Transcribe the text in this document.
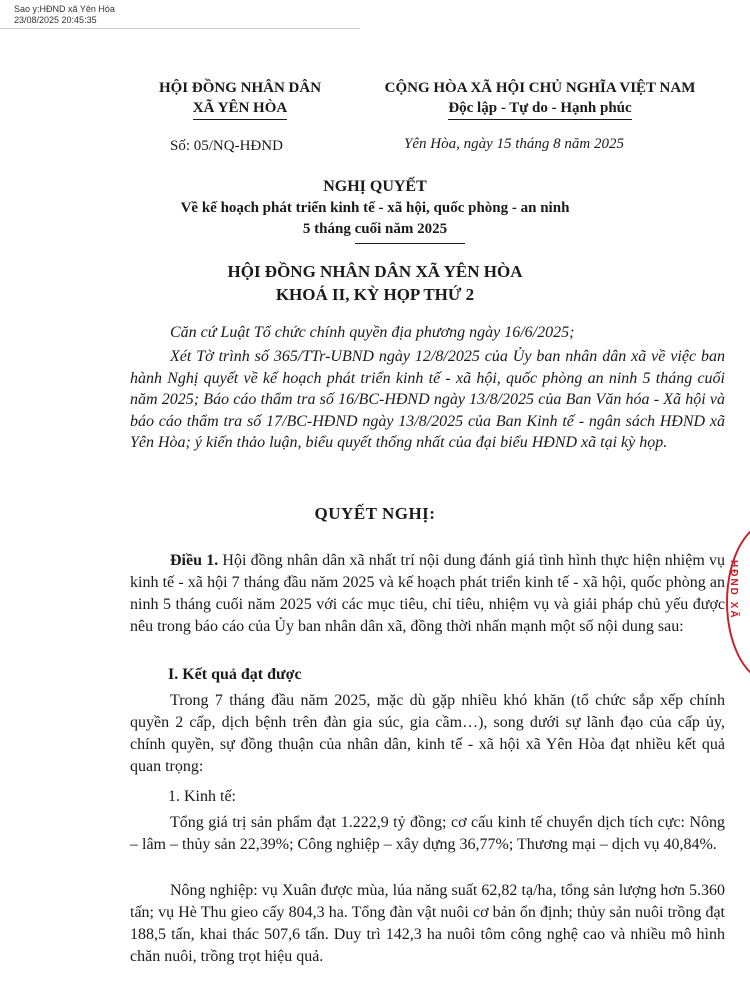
Sao y:HĐND xã Yên Hòa
23/08/2025 20:45:35
HỘI ĐỒNG NHÂN DÂN
XÃ YÊN HÒA
CỘNG HÒA XÃ HỘI CHỦ NGHĨA VIỆT NAM
Độc lập - Tự do - Hạnh phúc
Số: 05/NQ-HĐND	Yên Hòa, ngày 15 tháng 8 năm 2025
NGHỊ QUYẾT
Về kế hoạch phát triển kinh tế - xã hội, quốc phòng - an ninh
5 tháng cuối năm 2025
HỘI ĐỒNG NHÂN DÂN XÃ YÊN HÒA
KHOÁ II, KỲ HỌP THỨ 2
Căn cứ Luật Tổ chức chính quyền địa phương ngày 16/6/2025;
Xét Tờ trình số 365/TTr-UBND ngày 12/8/2025 của Ủy ban nhân dân xã về việc ban hành Nghị quyết về kế hoạch phát triển kinh tế - xã hội, quốc phòng an ninh 5 tháng cuối năm 2025; Báo cáo thẩm tra số 16/BC-HĐND ngày 13/8/2025 của Ban Văn hóa - Xã hội và báo cáo thẩm tra số 17/BC-HĐND ngày 13/8/2025 của Ban Kinh tế - ngân sách HĐND xã Yên Hòa; ý kiến thảo luận, biểu quyết thống nhất của đại biểu HĐND xã tại kỳ họp.
QUYẾT NGHỊ:
Điều 1. Hội đồng nhân dân xã nhất trí nội dung đánh giá tình hình thực hiện nhiệm vụ kinh tế - xã hội 7 tháng đầu năm 2025 và kế hoạch phát triển kinh tế - xã hội, quốc phòng an ninh 5 tháng cuối năm 2025 với các mục tiêu, chỉ tiêu, nhiệm vụ và giải pháp chủ yếu được nêu trong báo cáo của Ủy ban nhân dân xã, đồng thời nhấn mạnh một số nội dung sau:
I. Kết quả đạt được
Trong 7 tháng đầu năm 2025, mặc dù gặp nhiều khó khăn (tổ chức sắp xếp chính quyền 2 cấp, dịch bệnh trên đàn gia súc, gia cầm…), song dưới sự lãnh đạo của cấp ủy, chính quyền, sự đồng thuận của nhân dân, kinh tế - xã hội xã Yên Hòa đạt nhiều kết quả quan trọng:
1. Kinh tế:
Tổng giá trị sản phẩm đạt 1.222,9 tỷ đồng; cơ cấu kinh tế chuyển dịch tích cực: Nông – lâm – thủy sản 22,39%; Công nghiệp – xây dựng 36,77%; Thương mại – dịch vụ 40,84%.
Nông nghiệp: vụ Xuân được mùa, lúa năng suất 62,82 tạ/ha, tổng sản lượng hơn 5.360 tấn; vụ Hè Thu gieo cấy 804,3 ha. Tổng đàn vật nuôi cơ bản ổn định; thủy sản nuôi trồng đạt 188,5 tấn, khai thác 507,6 tấn. Duy trì 142,3 ha nuôi tôm công nghệ cao và nhiều mô hình chăn nuôi, trồng trọt hiệu quả.
HĐND XÃ
